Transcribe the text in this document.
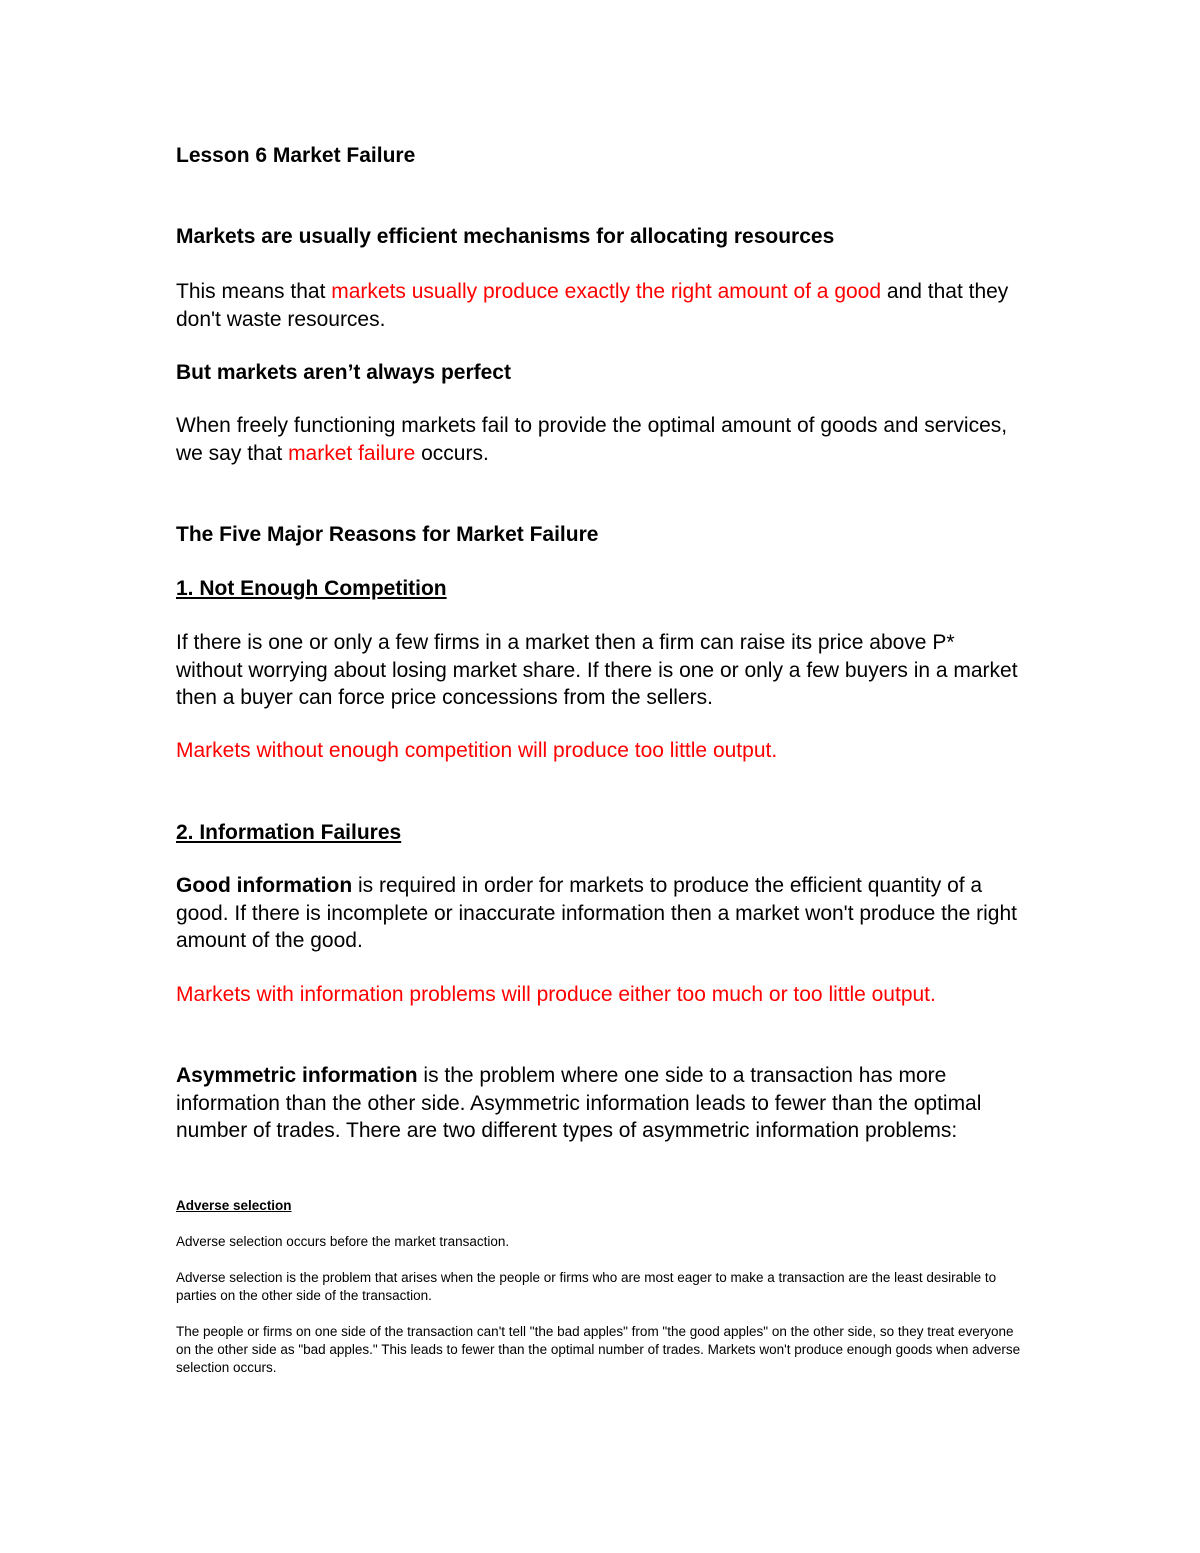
Lesson 6 Market Failure

Markets are usually efficient mechanisms for allocating resources

This means that markets usually produce exactly the right amount of a good and that they don't waste resources.

But markets aren’t always perfect

When freely functioning markets fail to provide the optimal amount of goods and services, we say that market failure occurs.

The Five Major Reasons for Market Failure

1. Not Enough Competition

If there is one or only a few firms in a market then a firm can raise its price above P* without worrying about losing market share. If there is one or only a few buyers in a market then a buyer can force price concessions from the sellers.

Markets without enough competition will produce too little output.

2. Information Failures

Good information is required in order for markets to produce the efficient quantity of a good. If there is incomplete or inaccurate information then a market won't produce the right amount of the good.

Markets with information problems will produce either too much or too little output.

Asymmetric information is the problem where one side to a transaction has more information than the other side. Asymmetric information leads to fewer than the optimal number of trades. There are two different types of asymmetric information problems:

Adverse selection

Adverse selection occurs before the market transaction.

Adverse selection is the problem that arises when the people or firms who are most eager to make a transaction are the least desirable to parties on the other side of the transaction.

The people or firms on one side of the transaction can't tell "the bad apples" from "the good apples" on the other side, so they treat everyone on the other side as "bad apples." This leads to fewer than the optimal number of trades. Markets won't produce enough goods when adverse selection occurs.
